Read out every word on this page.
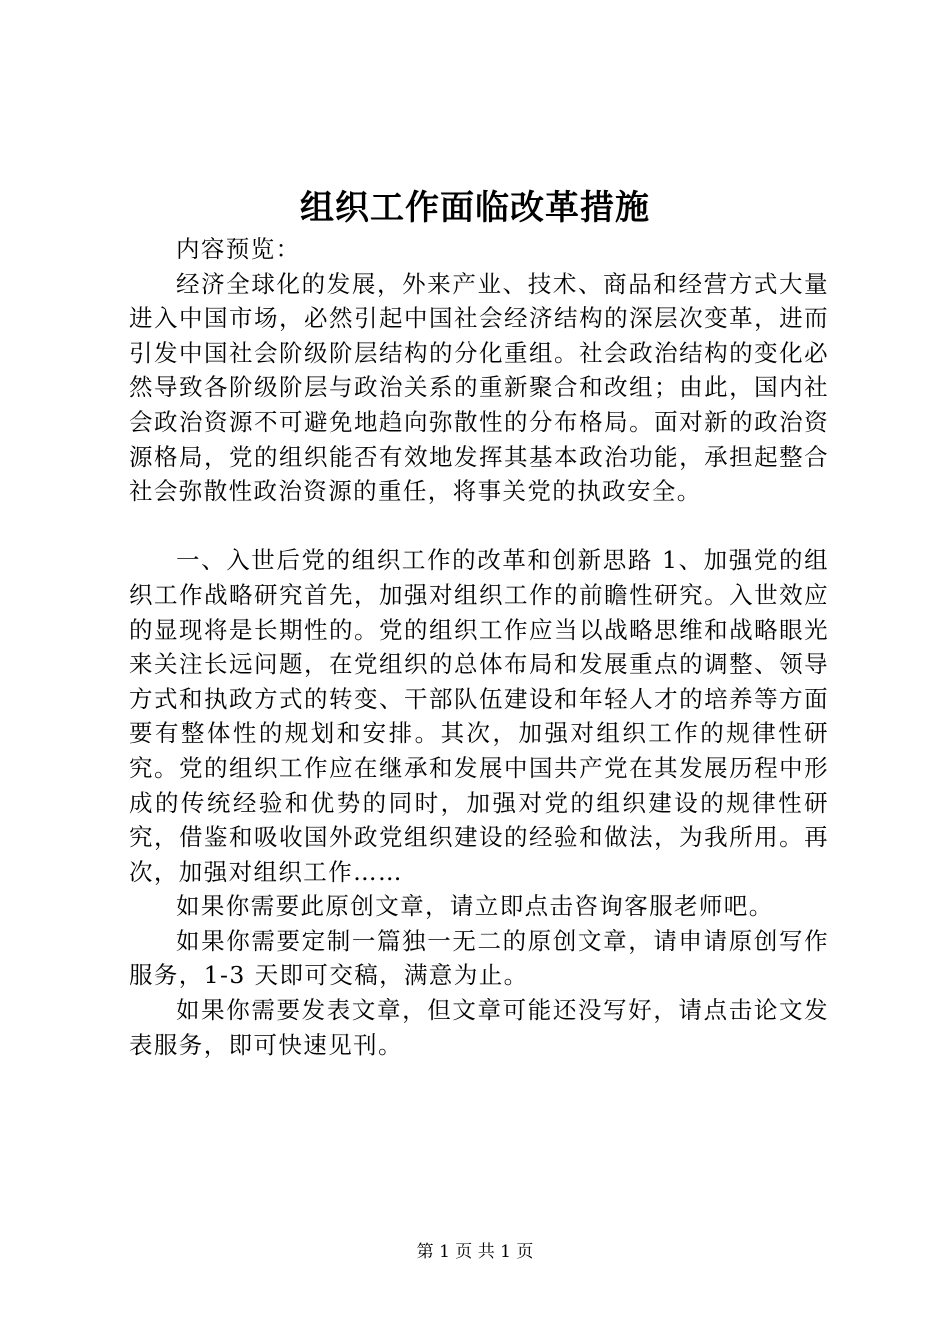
组织工作面临改革措施

内容预览：

经济全球化的发展，外来产业、技术、商品和经营方式大量进入中国市场，必然引起中国社会经济结构的深层次变革，进而引发中国社会阶级阶层结构的分化重组。社会政治结构的变化必然导致各阶级阶层与政治关系的重新聚合和改组；由此，国内社会政治资源不可避免地趋向弥散性的分布格局。面对新的政治资源格局，党的组织能否有效地发挥其基本政治功能，承担起整合社会弥散性政治资源的重任，将事关党的执政安全。

一、入世后党的组织工作的改革和创新思路 1、加强党的组织工作战略研究首先，加强对组织工作的前瞻性研究。入世效应的显现将是长期性的。党的组织工作应当以战略思维和战略眼光来关注长远问题，在党组织的总体布局和发展重点的调整、领导方式和执政方式的转变、干部队伍建设和年轻人才的培养等方面要有整体性的规划和安排。其次，加强对组织工作的规律性研究。党的组织工作应在继承和发展中国共产党在其发展历程中形成的传统经验和优势的同时，加强对党的组织建设的规律性研究，借鉴和吸收国外政党组织建设的经验和做法，为我所用。再次，加强对组织工作……

如果你需要此原创文章，请立即点击咨询客服老师吧。

如果你需要定制一篇独一无二的原创文章，请申请原创写作服务，1-3 天即可交稿，满意为止。

如果你需要发表文章，但文章可能还没写好，请点击论文发表服务，即可快速见刊。

第 1 页 共 1 页
